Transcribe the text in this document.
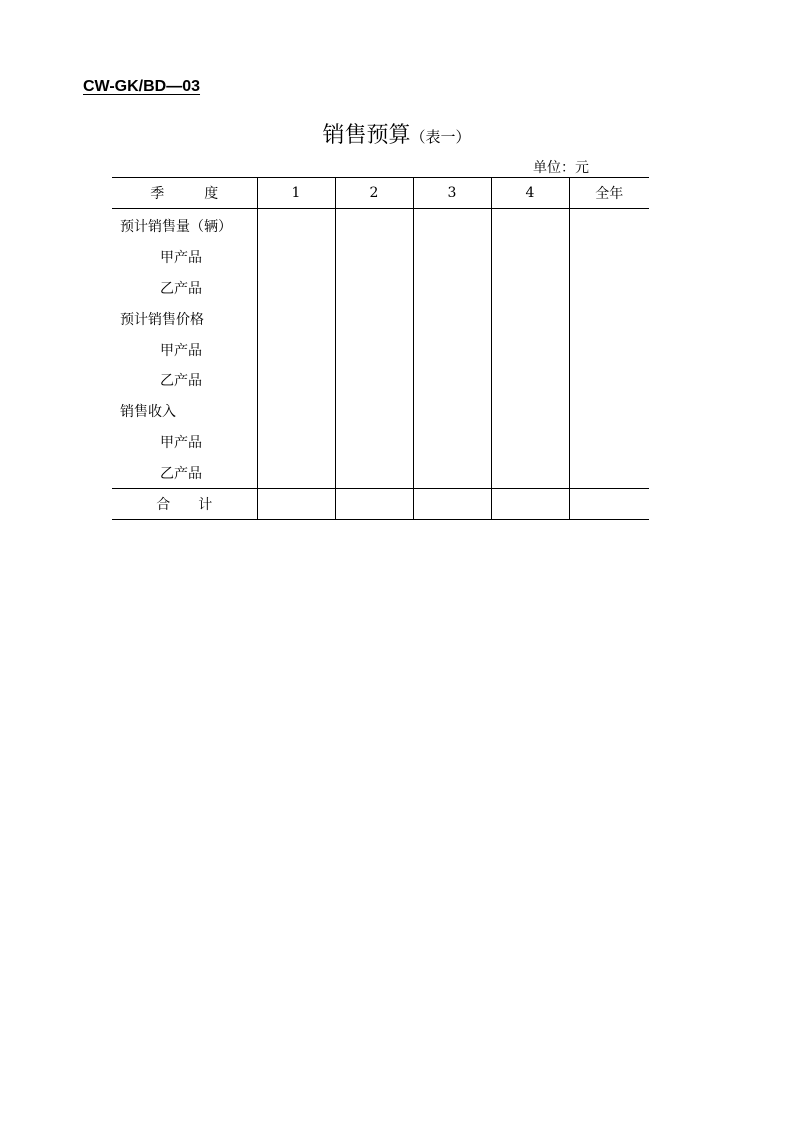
CW-GK/BD—03
销售预算（表一）
单位：元
季 度	1	2	3	4	全年
预计销售量（辆）					
甲产品					
乙产品					
预计销售价格					
甲产品					
乙产品					
销售收入					
甲产品					
乙产品					
合 计					
